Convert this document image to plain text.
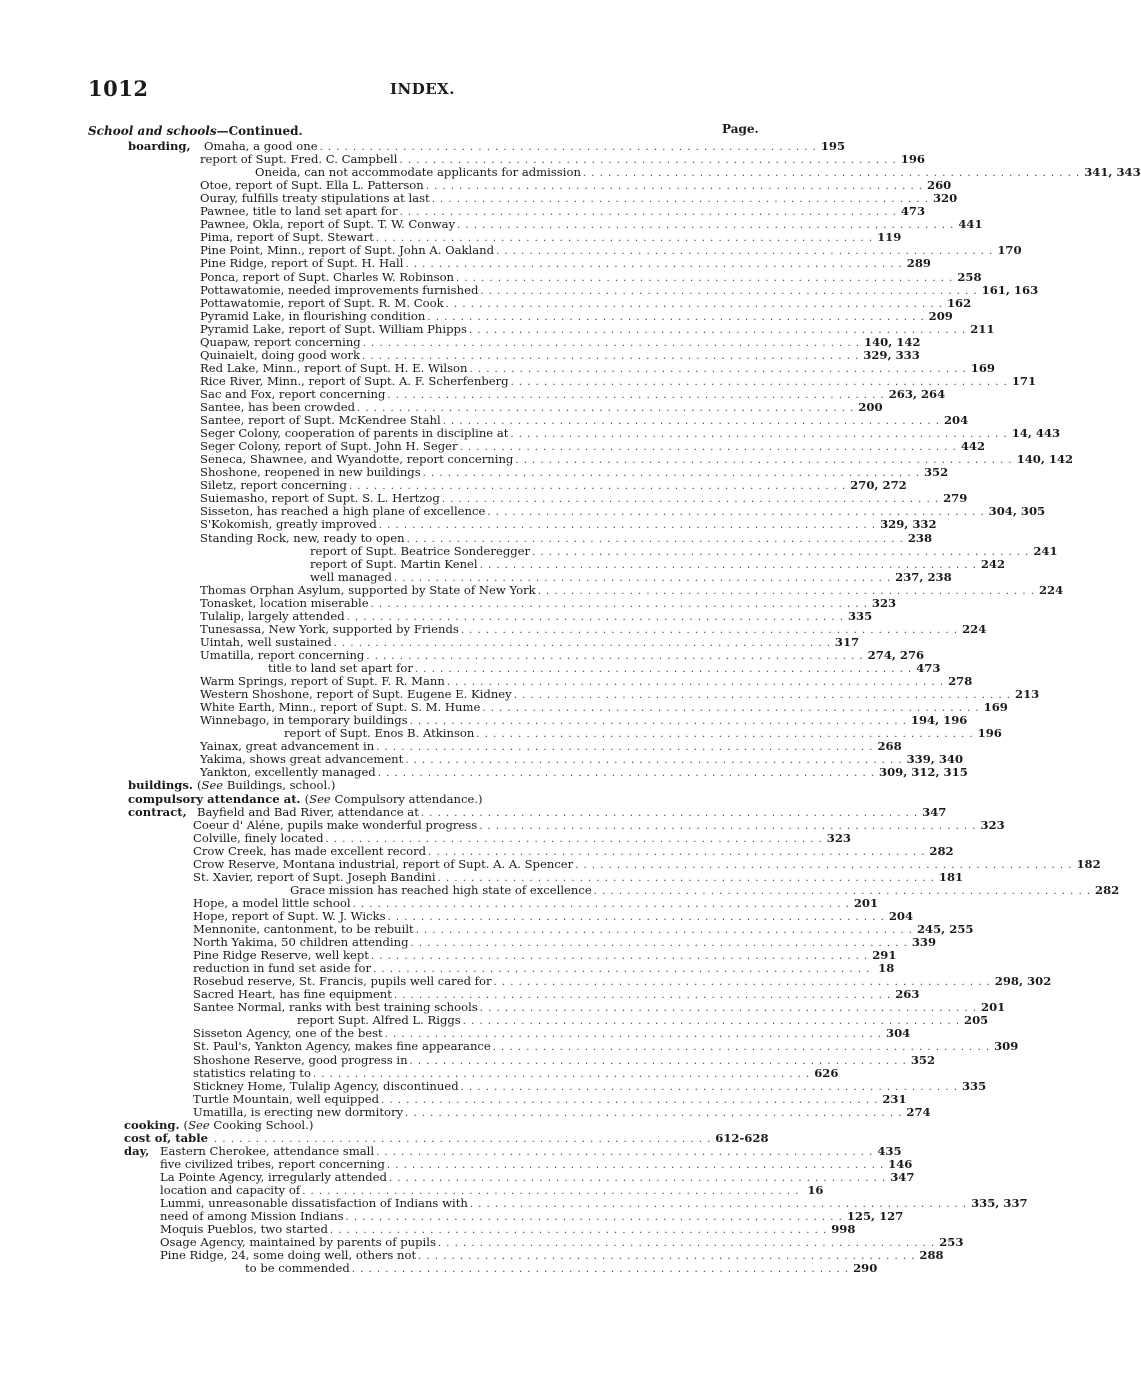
1012	INDEX.
School and schools—Continued.	Page.
boarding,	Omaha, a good one . . . . . . . . . . . . . . . . . . . . . . . . . . . . . . . . . . . . . . . . . . . . . . . . . . . . . . . . . . . . 195
report of Supt. Fred. C. Campbell . . . . . . . . . . . . . . . . . . . . . . . . . . . . . . . . . . . . . . . . . . . . . . . . . . . . . . . . . . . . 196
Oneida, can not accommodate applicants for admission . . . . . . . . . . . . . . . . . . . . . . . . . . . . . . . . . . . . . . . . . . . . . . . . . . . . . . . . . . . . 341, 343
Otoe, report of Supt. Ella L. Patterson . . . . . . . . . . . . . . . . . . . . . . . . . . . . . . . . . . . . . . . . . . . . . . . . . . . . . . . . . . . . 260
Ouray, fulfills treaty stipulations at last . . . . . . . . . . . . . . . . . . . . . . . . . . . . . . . . . . . . . . . . . . . . . . . . . . . . . . . . . . . . 320
Pawnee, title to land set apart for . . . . . . . . . . . . . . . . . . . . . . . . . . . . . . . . . . . . . . . . . . . . . . . . . . . . . . . . . . . . 473
Pawnee, Okla, report of Supt. T. W. Conway . . . . . . . . . . . . . . . . . . . . . . . . . . . . . . . . . . . . . . . . . . . . . . . . . . . . . . . . . . . . 441
Pima, report of Supt. Stewart . . . . . . . . . . . . . . . . . . . . . . . . . . . . . . . . . . . . . . . . . . . . . . . . . . . . . . . . . . . . 119
Pine Point, Minn., report of Supt. John A. Oakland . . . . . . . . . . . . . . . . . . . . . . . . . . . . . . . . . . . . . . . . . . . . . . . . . . . . . . . . . . . . 170
Pine Ridge, report of Supt. H. Hall . . . . . . . . . . . . . . . . . . . . . . . . . . . . . . . . . . . . . . . . . . . . . . . . . . . . . . . . . . . . 289
Ponca, report of Supt. Charles W. Robinson . . . . . . . . . . . . . . . . . . . . . . . . . . . . . . . . . . . . . . . . . . . . . . . . . . . . . . . . . . . . 258
Pottawatomie, needed improvements furnished . . . . . . . . . . . . . . . . . . . . . . . . . . . . . . . . . . . . . . . . . . . . . . . . . . . . . . . . . . . . 161, 163
Pottawatomie, report of Supt. R. M. Cook . . . . . . . . . . . . . . . . . . . . . . . . . . . . . . . . . . . . . . . . . . . . . . . . . . . . . . . . . . . . 162
Pyramid Lake, in flourishing condition . . . . . . . . . . . . . . . . . . . . . . . . . . . . . . . . . . . . . . . . . . . . . . . . . . . . . . . . . . . . 209
Pyramid Lake, report of Supt. William Phipps . . . . . . . . . . . . . . . . . . . . . . . . . . . . . . . . . . . . . . . . . . . . . . . . . . . . . . . . . . . . 211
Quapaw, report concerning . . . . . . . . . . . . . . . . . . . . . . . . . . . . . . . . . . . . . . . . . . . . . . . . . . . . . . . . . . . . 140, 142
Quinaielt, doing good work . . . . . . . . . . . . . . . . . . . . . . . . . . . . . . . . . . . . . . . . . . . . . . . . . . . . . . . . . . . . 329, 333
Red Lake, Minn., report of Supt. H. E. Wilson . . . . . . . . . . . . . . . . . . . . . . . . . . . . . . . . . . . . . . . . . . . . . . . . . . . . . . . . . . . . 169
Rice River, Minn., report of Supt. A. F. Scherfenberg . . . . . . . . . . . . . . . . . . . . . . . . . . . . . . . . . . . . . . . . . . . . . . . . . . . . . . . . . . . . 171
Sac and Fox, report concerning . . . . . . . . . . . . . . . . . . . . . . . . . . . . . . . . . . . . . . . . . . . . . . . . . . . . . . . . . . . . 263, 264
Santee, has been crowded . . . . . . . . . . . . . . . . . . . . . . . . . . . . . . . . . . . . . . . . . . . . . . . . . . . . . . . . . . . . 200
Santee, report of Supt. McKendree Stahl . . . . . . . . . . . . . . . . . . . . . . . . . . . . . . . . . . . . . . . . . . . . . . . . . . . . . . . . . . . . 204
Seger Colony, cooperation of parents in discipline at . . . . . . . . . . . . . . . . . . . . . . . . . . . . . . . . . . . . . . . . . . . . . . . . . . . . . . . . . . . . 14, 443
Seger Colony, report of Supt. John H. Seger . . . . . . . . . . . . . . . . . . . . . . . . . . . . . . . . . . . . . . . . . . . . . . . . . . . . . . . . . . . . 442
Seneca, Shawnee, and Wyandotte, report concerning . . . . . . . . . . . . . . . . . . . . . . . . . . . . . . . . . . . . . . . . . . . . . . . . . . . . . . . . . . . . 140, 142
Shoshone, reopened in new buildings . . . . . . . . . . . . . . . . . . . . . . . . . . . . . . . . . . . . . . . . . . . . . . . . . . . . . . . . . . . . 352
Siletz, report concerning . . . . . . . . . . . . . . . . . . . . . . . . . . . . . . . . . . . . . . . . . . . . . . . . . . . . . . . . . . . . 270, 272
Suiemasho, report of Supt. S. L. Hertzog . . . . . . . . . . . . . . . . . . . . . . . . . . . . . . . . . . . . . . . . . . . . . . . . . . . . . . . . . . . . 279
Sisseton, has reached a high plane of excellence . . . . . . . . . . . . . . . . . . . . . . . . . . . . . . . . . . . . . . . . . . . . . . . . . . . . . . . . . . . . 304, 305
S'Kokomish, greatly improved . . . . . . . . . . . . . . . . . . . . . . . . . . . . . . . . . . . . . . . . . . . . . . . . . . . . . . . . . . . . 329, 332
Standing Rock, new, ready to open . . . . . . . . . . . . . . . . . . . . . . . . . . . . . . . . . . . . . . . . . . . . . . . . . . . . . . . . . . . . 238
report of Supt. Beatrice Sonderegger . . . . . . . . . . . . . . . . . . . . . . . . . . . . . . . . . . . . . . . . . . . . . . . . . . . . . . . . . . . . 241
report of Supt. Martin Kenel . . . . . . . . . . . . . . . . . . . . . . . . . . . . . . . . . . . . . . . . . . . . . . . . . . . . . . . . . . . . 242
well managed . . . . . . . . . . . . . . . . . . . . . . . . . . . . . . . . . . . . . . . . . . . . . . . . . . . . . . . . . . . . 237, 238
Thomas Orphan Asylum, supported by State of New York . . . . . . . . . . . . . . . . . . . . . . . . . . . . . . . . . . . . . . . . . . . . . . . . . . . . . . . . . . . . 224
Tonasket, location miserable . . . . . . . . . . . . . . . . . . . . . . . . . . . . . . . . . . . . . . . . . . . . . . . . . . . . . . . . . . . . 323
Tulalip, largely attended . . . . . . . . . . . . . . . . . . . . . . . . . . . . . . . . . . . . . . . . . . . . . . . . . . . . . . . . . . . . 335
Tunesassa, New York, supported by Friends . . . . . . . . . . . . . . . . . . . . . . . . . . . . . . . . . . . . . . . . . . . . . . . . . . . . . . . . . . . . 224
Uintah, well sustained . . . . . . . . . . . . . . . . . . . . . . . . . . . . . . . . . . . . . . . . . . . . . . . . . . . . . . . . . . . . 317
Umatilla, report concerning . . . . . . . . . . . . . . . . . . . . . . . . . . . . . . . . . . . . . . . . . . . . . . . . . . . . . . . . . . . . 274, 276
title to land set apart for . . . . . . . . . . . . . . . . . . . . . . . . . . . . . . . . . . . . . . . . . . . . . . . . . . . . . . . . . . . . 473
Warm Springs, report of Supt. F. R. Mann . . . . . . . . . . . . . . . . . . . . . . . . . . . . . . . . . . . . . . . . . . . . . . . . . . . . . . . . . . . . 278
Western Shoshone, report of Supt. Eugene E. Kidney . . . . . . . . . . . . . . . . . . . . . . . . . . . . . . . . . . . . . . . . . . . . . . . . . . . . . . . . . . . . 213
White Earth, Minn., report of Supt. S. M. Hume . . . . . . . . . . . . . . . . . . . . . . . . . . . . . . . . . . . . . . . . . . . . . . . . . . . . . . . . . . . . 169
Winnebago, in temporary buildings . . . . . . . . . . . . . . . . . . . . . . . . . . . . . . . . . . . . . . . . . . . . . . . . . . . . . . . . . . . . 194, 196
report of Supt. Enos B. Atkinson . . . . . . . . . . . . . . . . . . . . . . . . . . . . . . . . . . . . . . . . . . . . . . . . . . . . . . . . . . . . 196
Yainax, great advancement in . . . . . . . . . . . . . . . . . . . . . . . . . . . . . . . . . . . . . . . . . . . . . . . . . . . . . . . . . . . . 268
Yakima, shows great advancement . . . . . . . . . . . . . . . . . . . . . . . . . . . . . . . . . . . . . . . . . . . . . . . . . . . . . . . . . . . . 339, 340
Yankton, excellently managed . . . . . . . . . . . . . . . . . . . . . . . . . . . . . . . . . . . . . . . . . . . . . . . . . . . . . . . . . . . . 309, 312, 315
buildings. (See Buildings, school.)
compulsory attendance at. (See Compulsory attendance.)
contract, Bayfield and Bad River, attendance at . . . . . . . . . . . . . . . . . . . . . . . . . . . . . . . . . . . . . . . . . . . . . . . . . . . . . . . . . . . . 347
Coeur d' Aléne, pupils make wonderful progress . . . . . . . . . . . . . . . . . . . . . . . . . . . . . . . . . . . . . . . . . . . . . . . . . . . . . . . . . . . . 323
Colville, finely located . . . . . . . . . . . . . . . . . . . . . . . . . . . . . . . . . . . . . . . . . . . . . . . . . . . . . . . . . . . . 323
Crow Creek, has made excellent record . . . . . . . . . . . . . . . . . . . . . . . . . . . . . . . . . . . . . . . . . . . . . . . . . . . . . . . . . . . . 282
Crow Reserve, Montana industrial, report of Supt. A. A. Spencer . . . . . . . . . . . . . . . . . . . . . . . . . . . . . . . . . . . . . . . . . . . . . . . . . . . . . . . . . . . . 182
St. Xavier, report of Supt. Joseph Bandini . . . . . . . . . . . . . . . . . . . . . . . . . . . . . . . . . . . . . . . . . . . . . . . . . . . . . . . . . . . . 181
Grace mission has reached high state of excellence . . . . . . . . . . . . . . . . . . . . . . . . . . . . . . . . . . . . . . . . . . . . . . . . . . . . . . . . . . . . 282
Hope, a model little school . . . . . . . . . . . . . . . . . . . . . . . . . . . . . . . . . . . . . . . . . . . . . . . . . . . . . . . . . . . . 201
Hope, report of Supt. W. J. Wicks . . . . . . . . . . . . . . . . . . . . . . . . . . . . . . . . . . . . . . . . . . . . . . . . . . . . . . . . . . . . 204
Mennonite, cantonment, to be rebuilt . . . . . . . . . . . . . . . . . . . . . . . . . . . . . . . . . . . . . . . . . . . . . . . . . . . . . . . . . . . . 245, 255
North Yakima, 50 children attending . . . . . . . . . . . . . . . . . . . . . . . . . . . . . . . . . . . . . . . . . . . . . . . . . . . . . . . . . . . . 339
Pine Ridge Reserve, well kept . . . . . . . . . . . . . . . . . . . . . . . . . . . . . . . . . . . . . . . . . . . . . . . . . . . . . . . . . . . . 291
reduction in fund set aside for . . . . . . . . . . . . . . . . . . . . . . . . . . . . . . . . . . . . . . . . . . . . . . . . . . . . . . . . . . . . 18
Rosebud reserve, St. Francis, pupils well cared for . . . . . . . . . . . . . . . . . . . . . . . . . . . . . . . . . . . . . . . . . . . . . . . . . . . . . . . . . . . . 298, 302
Sacred Heart, has fine equipment . . . . . . . . . . . . . . . . . . . . . . . . . . . . . . . . . . . . . . . . . . . . . . . . . . . . . . . . . . . . 263
Santee Normal, ranks with best training schools . . . . . . . . . . . . . . . . . . . . . . . . . . . . . . . . . . . . . . . . . . . . . . . . . . . . . . . . . . . . 201
report Supt. Alfred L. Riggs . . . . . . . . . . . . . . . . . . . . . . . . . . . . . . . . . . . . . . . . . . . . . . . . . . . . . . . . . . . . 205
Sisseton Agency, one of the best . . . . . . . . . . . . . . . . . . . . . . . . . . . . . . . . . . . . . . . . . . . . . . . . . . . . . . . . . . . . 304
St. Paul's, Yankton Agency, makes fine appearance . . . . . . . . . . . . . . . . . . . . . . . . . . . . . . . . . . . . . . . . . . . . . . . . . . . . . . . . . . . . 309
Shoshone Reserve, good progress in . . . . . . . . . . . . . . . . . . . . . . . . . . . . . . . . . . . . . . . . . . . . . . . . . . . . . . . . . . . . 352
statistics relating to . . . . . . . . . . . . . . . . . . . . . . . . . . . . . . . . . . . . . . . . . . . . . . . . . . . . . . . . . . . . 626
Stickney Home, Tulalip Agency, discontinued . . . . . . . . . . . . . . . . . . . . . . . . . . . . . . . . . . . . . . . . . . . . . . . . . . . . . . . . . . . . 335
Turtle Mountain, well equipped . . . . . . . . . . . . . . . . . . . . . . . . . . . . . . . . . . . . . . . . . . . . . . . . . . . . . . . . . . . . 231
Umatilla, is erecting new dormitory . . . . . . . . . . . . . . . . . . . . . . . . . . . . . . . . . . . . . . . . . . . . . . . . . . . . . . . . . . . . 274
cooking. (See Cooking School.)
cost of, table . . . . . . . . . . . . . . . . . . . . . . . . . . . . . . . . . . . . . . . . . . . . . . . . . . . . . . . . . . . . 612-628
day, Eastern Cherokee, attendance small . . . . . . . . . . . . . . . . . . . . . . . . . . . . . . . . . . . . . . . . . . . . . . . . . . . . . . . . . . . . 435
five civilized tribes, report concerning . . . . . . . . . . . . . . . . . . . . . . . . . . . . . . . . . . . . . . . . . . . . . . . . . . . . . . . . . . . . 146
La Pointe Agency, irregularly attended . . . . . . . . . . . . . . . . . . . . . . . . . . . . . . . . . . . . . . . . . . . . . . . . . . . . . . . . . . . . 347
location and capacity of . . . . . . . . . . . . . . . . . . . . . . . . . . . . . . . . . . . . . . . . . . . . . . . . . . . . . . . . . . . . 16
Lummi, unreasonable dissatisfaction of Indians with . . . . . . . . . . . . . . . . . . . . . . . . . . . . . . . . . . . . . . . . . . . . . . . . . . . . . . . . . . . . 335, 337
need of among Mission Indians . . . . . . . . . . . . . . . . . . . . . . . . . . . . . . . . . . . . . . . . . . . . . . . . . . . . . . . . . . . . 125, 127
Moquis Pueblos, two started . . . . . . . . . . . . . . . . . . . . . . . . . . . . . . . . . . . . . . . . . . . . . . . . . . . . . . . . . . . . 998
Osage Agency, maintained by parents of pupils . . . . . . . . . . . . . . . . . . . . . . . . . . . . . . . . . . . . . . . . . . . . . . . . . . . . . . . . . . . . 253
Pine Ridge, 24, some doing well, others not . . . . . . . . . . . . . . . . . . . . . . . . . . . . . . . . . . . . . . . . . . . . . . . . . . . . . . . . . . . . 288
to be commended . . . . . . . . . . . . . . . . . . . . . . . . . . . . . . . . . . . . . . . . . . . . . . . . . . . . . . . . . . . . 290
